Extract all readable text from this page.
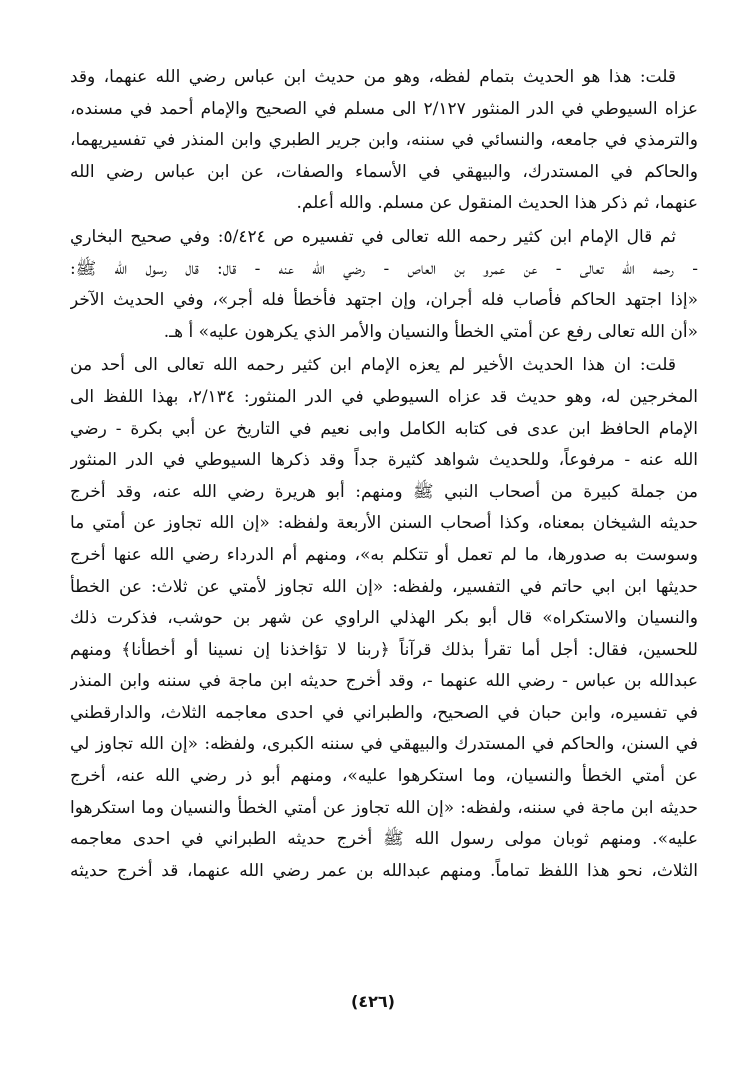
قلت: هذا هو الحديث بتمام لفظه، وهو من حديث ابن عباس رضي الله عنهما، وقد
عزاه السيوطي في الدر المنثور ٢/١٢٧ الى مسلم في الصحيح والإمام أحمد في مسنده،
والترمذي في جامعه، والنسائي في سننه، وابن جرير الطبري وابن المنذر في تفسيريهما،
والحاكم في المستدرك، والبيهقي في الأسماء والصفات، عن ابن عباس رضي الله
عنهما، ثم ذكر هذا الحديث المنقول عن مسلم. والله أعلم.
ثم قال الإمام ابن كثير رحمه الله تعالى في تفسيره ص ٥/٤٢٤: وفي صحيح البخاري
- رحمه الله تعالى - عن عمرو بن العاص - رضي الله عنه - قال: قال رسول الله ﷺ:
«إذا اجتهد الحاكم فأصاب فله أجران، وإن اجتهد فأخطأ فله أجر»، وفي الحديث الآخر
«أن الله تعالى رفع عن أمتي الخطأ والنسيان والأمر الذي يكرهون عليه» أ هـ.
قلت: ان هذا الحديث الأخير لم يعزه الإمام ابن كثير رحمه الله تعالى الى أحد من
المخرجين له، وهو حديث قد عزاه السيوطي في الدر المنثور: ٢/١٣٤، بهذا اللفظ الى
الإمام الحافظ ابن عدى فى كتابه الكامل وابى نعيم في التاريخ عن أبي بكرة - رضي
الله عنه - مرفوعاً، وللحديث شواهد كثيرة جداً وقد ذكرها السيوطي في الدر المنثور
من جملة كبيرة من أصحاب النبي ﷺ ومنهم: أبو هريرة رضي الله عنه، وقد أخرج
حديثه الشيخان بمعناه، وكذا أصحاب السنن الأربعة ولفظه: «إن الله تجاوز عن أمتي ما
وسوست به صدورها، ما لم تعمل أو تتكلم به»، ومنهم أم الدرداء رضي الله عنها أخرج
حديثها ابن ابي حاتم في التفسير، ولفظه: «إن الله تجاوز لأمتي عن ثلاث: عن الخطأ
والنسيان والاستكراه» قال أبو بكر الهذلي الراوي عن شهر بن حوشب، فذكرت ذلك
للحسين، فقال: أجل أما تقرأ بذلك قرآناً ﴿ربنا لا تؤاخذنا إن نسينا أو أخطأنا﴾ ومنهم
عبدالله بن عباس - رضي الله عنهما -، وقد أخرج حديثه ابن ماجة في سننه وابن المنذر
في تفسيره، وابن حبان في الصحيح، والطبراني في احدى معاجمه الثلاث، والدارقطني
في السنن، والحاكم في المستدرك والبيهقي في سننه الكبرى، ولفظه: «إن الله تجاوز لي
عن أمتي الخطأ والنسيان، وما استكرهوا عليه»، ومنهم أبو ذر رضي الله عنه، أخرج
حديثه ابن ماجة في سننه، ولفظه: «إن الله تجاوز عن أمتي الخطأ والنسيان وما استكرهوا
عليه». ومنهم ثوبان مولى رسول الله ﷺ أخرج حديثه الطبراني في احدى معاجمه
الثلاث، نحو هذا اللفظ تماماً. ومنهم عبدالله بن عمر رضي الله عنهما، قد أخرج حديثه
(٤٢٦)
